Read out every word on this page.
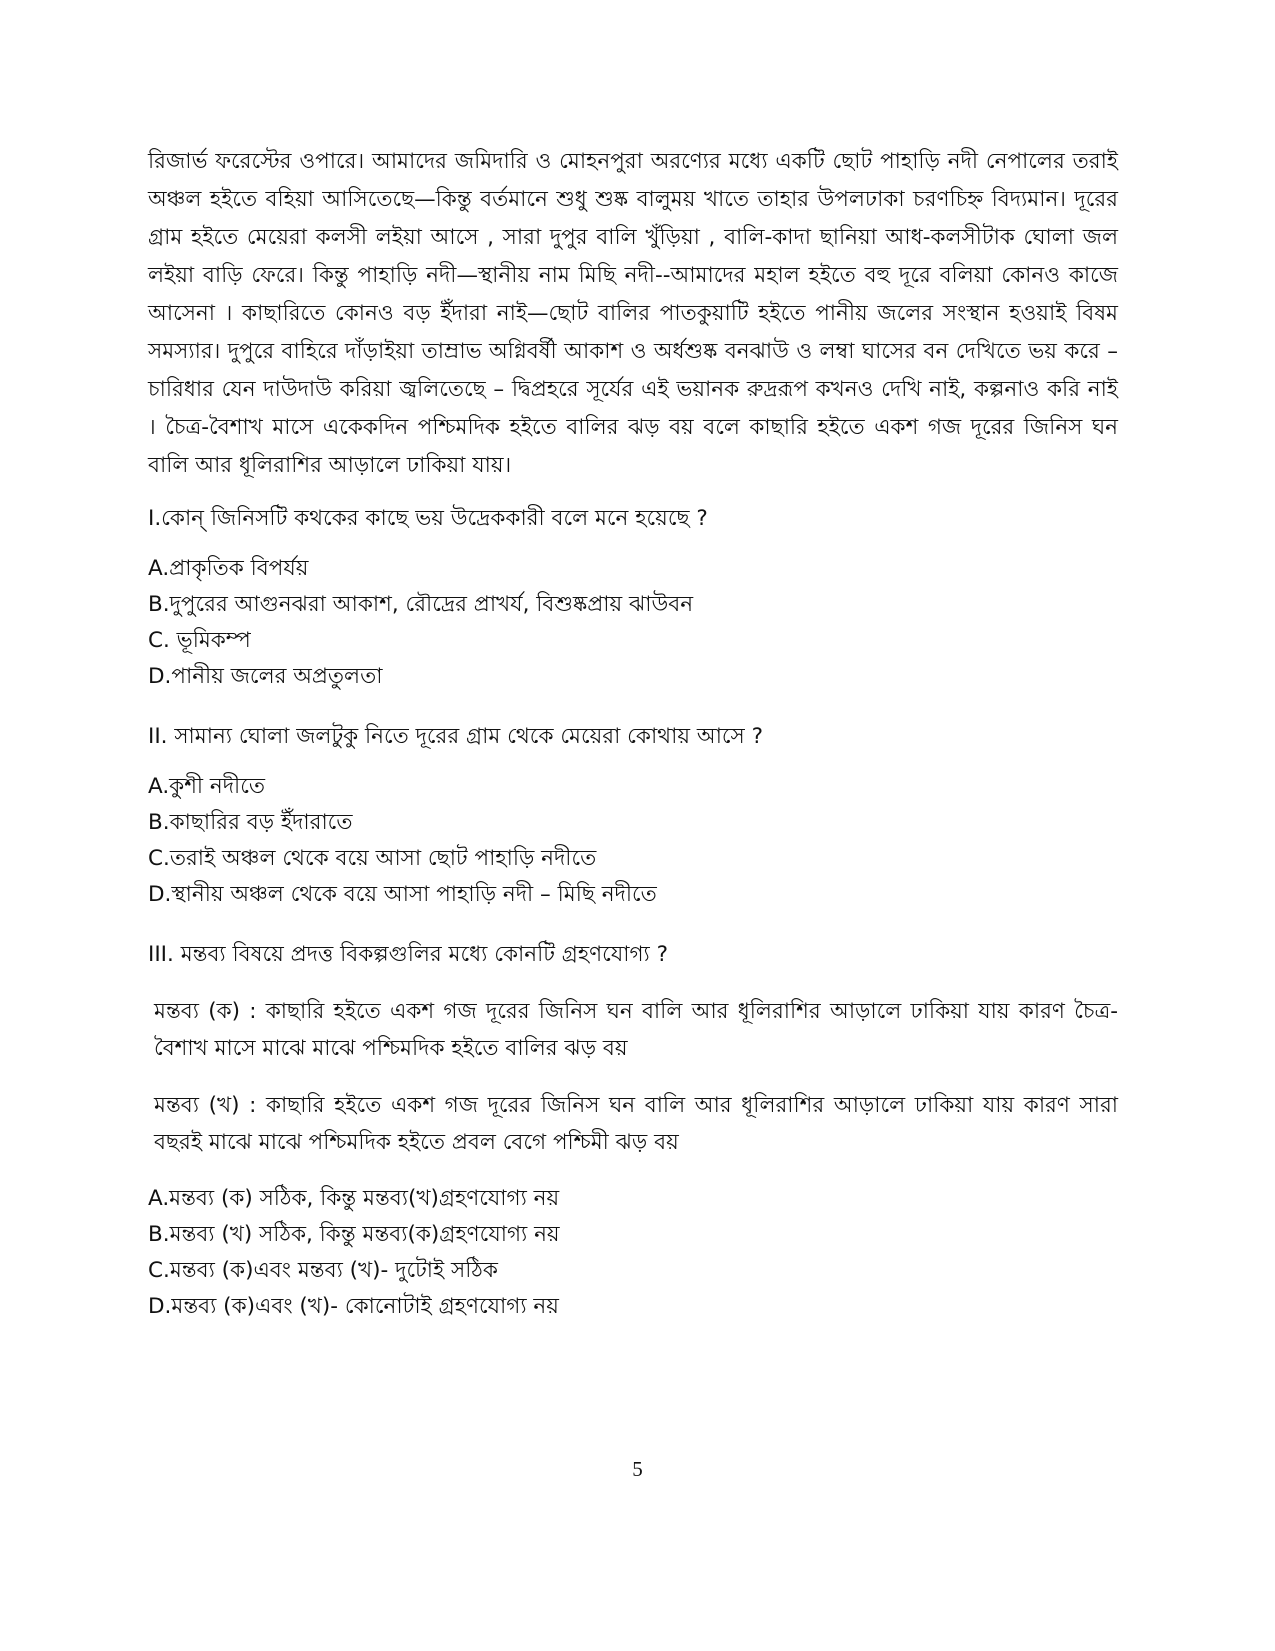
রিজার্ভ ফরেস্টের ওপারে। আমাদের জমিদারি ও মোহনপুরা অরণ্যের মধ্যে একটি ছোট পাহাড়ি নদী নেপালের তরাই অঞ্চল হইতে বহিয়া আসিতেছে—কিন্তু বর্তমানে শুধু শুষ্ক বালুময় খাতে তাহার উপলঢাকা চরণচিহ্ন বিদ্যমান। দূরের গ্রাম হইতে মেয়েরা কলসী লইয়া আসে , সারা দুপুর বালি খুঁড়িয়া , বালি-কাদা ছানিয়া আধ-কলসীটাক ঘোলা জল লইয়া বাড়ি ফেরে। কিন্তু পাহাড়ি নদী—স্থানীয় নাম মিছি নদী--আমাদের মহাল হইতে বহু দূরে বলিয়া কোনও কাজে আসেনা । কাছারিতে কোনও বড় ইঁদারা নাই—ছোট বালির পাতকুয়াটি হইতে পানীয় জলের সংস্থান হওয়াই বিষম সমস্যার। দুপুরে বাহিরে দাঁড়াইয়া তাম্রাভ অগ্নিবর্ষী আকাশ ও অর্ধশুষ্ক বনঝাউ ও লম্বা ঘাসের বন দেখিতে ভয় করে – চারিধার যেন দাউদাউ করিয়া জ্বলিতেছে – দ্বিপ্রহরে সূর্যের এই ভয়ানক রুদ্ররূপ কখনও দেখি নাই, কল্পনাও করি নাই । চৈত্র-বৈশাখ মাসে একেকদিন পশ্চিমদিক হইতে বালির ঝড় বয় বলে কাছারি হইতে একশ গজ দূরের জিনিস ঘন বালি আর ধূলিরাশির আড়ালে ঢাকিয়া যায়।

I.কোন্ জিনিসটি কথকের কাছে ভয় উদ্রেককারী বলে মনে হয়েছে ?

A.প্রাকৃতিক বিপর্যয়

B.দুপুরের আগুনঝরা আকাশ, রৌদ্রের প্রাখর্য, বিশুষ্কপ্রায় ঝাউবন

C. ভূমিকম্প

D.পানীয় জলের অপ্রতুলতা

II. সামান্য ঘোলা জলটুকু নিতে দূরের গ্রাম থেকে মেয়েরা কোথায় আসে ?

A.কুশী নদীতে

B.কাছারির বড় ইঁদারাতে

C.তরাই অঞ্চল থেকে বয়ে আসা ছোট পাহাড়ি নদীতে

D.স্থানীয় অঞ্চল থেকে বয়ে আসা পাহাড়ি নদী – মিছি নদীতে

III. মন্তব্য বিষয়ে প্রদত্ত বিকল্পগুলির মধ্যে কোনটি গ্রহণযোগ্য ?

মন্তব্য (ক) : কাছারি হইতে একশ গজ দূরের জিনিস ঘন বালি আর ধূলিরাশির আড়ালে ঢাকিয়া যায় কারণ চৈত্র-বৈশাখ মাসে মাঝে মাঝে পশ্চিমদিক হইতে বালির ঝড় বয়

মন্তব্য (খ) : কাছারি হইতে একশ গজ দূরের জিনিস ঘন বালি আর ধূলিরাশির আড়ালে ঢাকিয়া যায় কারণ সারা বছরই মাঝে মাঝে পশ্চিমদিক হইতে প্রবল বেগে পশ্চিমী ঝড় বয়

A.মন্তব্য (ক) সঠিক, কিন্তু মন্তব্য(খ)গ্রহণযোগ্য নয়

B.মন্তব্য (খ) সঠিক, কিন্তু মন্তব্য(ক)গ্রহণযোগ্য নয়

C.মন্তব্য (ক)এবং মন্তব্য (খ)- দুটোই সঠিক

D.মন্তব্য (ক)এবং (খ)- কোনোটাই গ্রহণযোগ্য নয়

5
